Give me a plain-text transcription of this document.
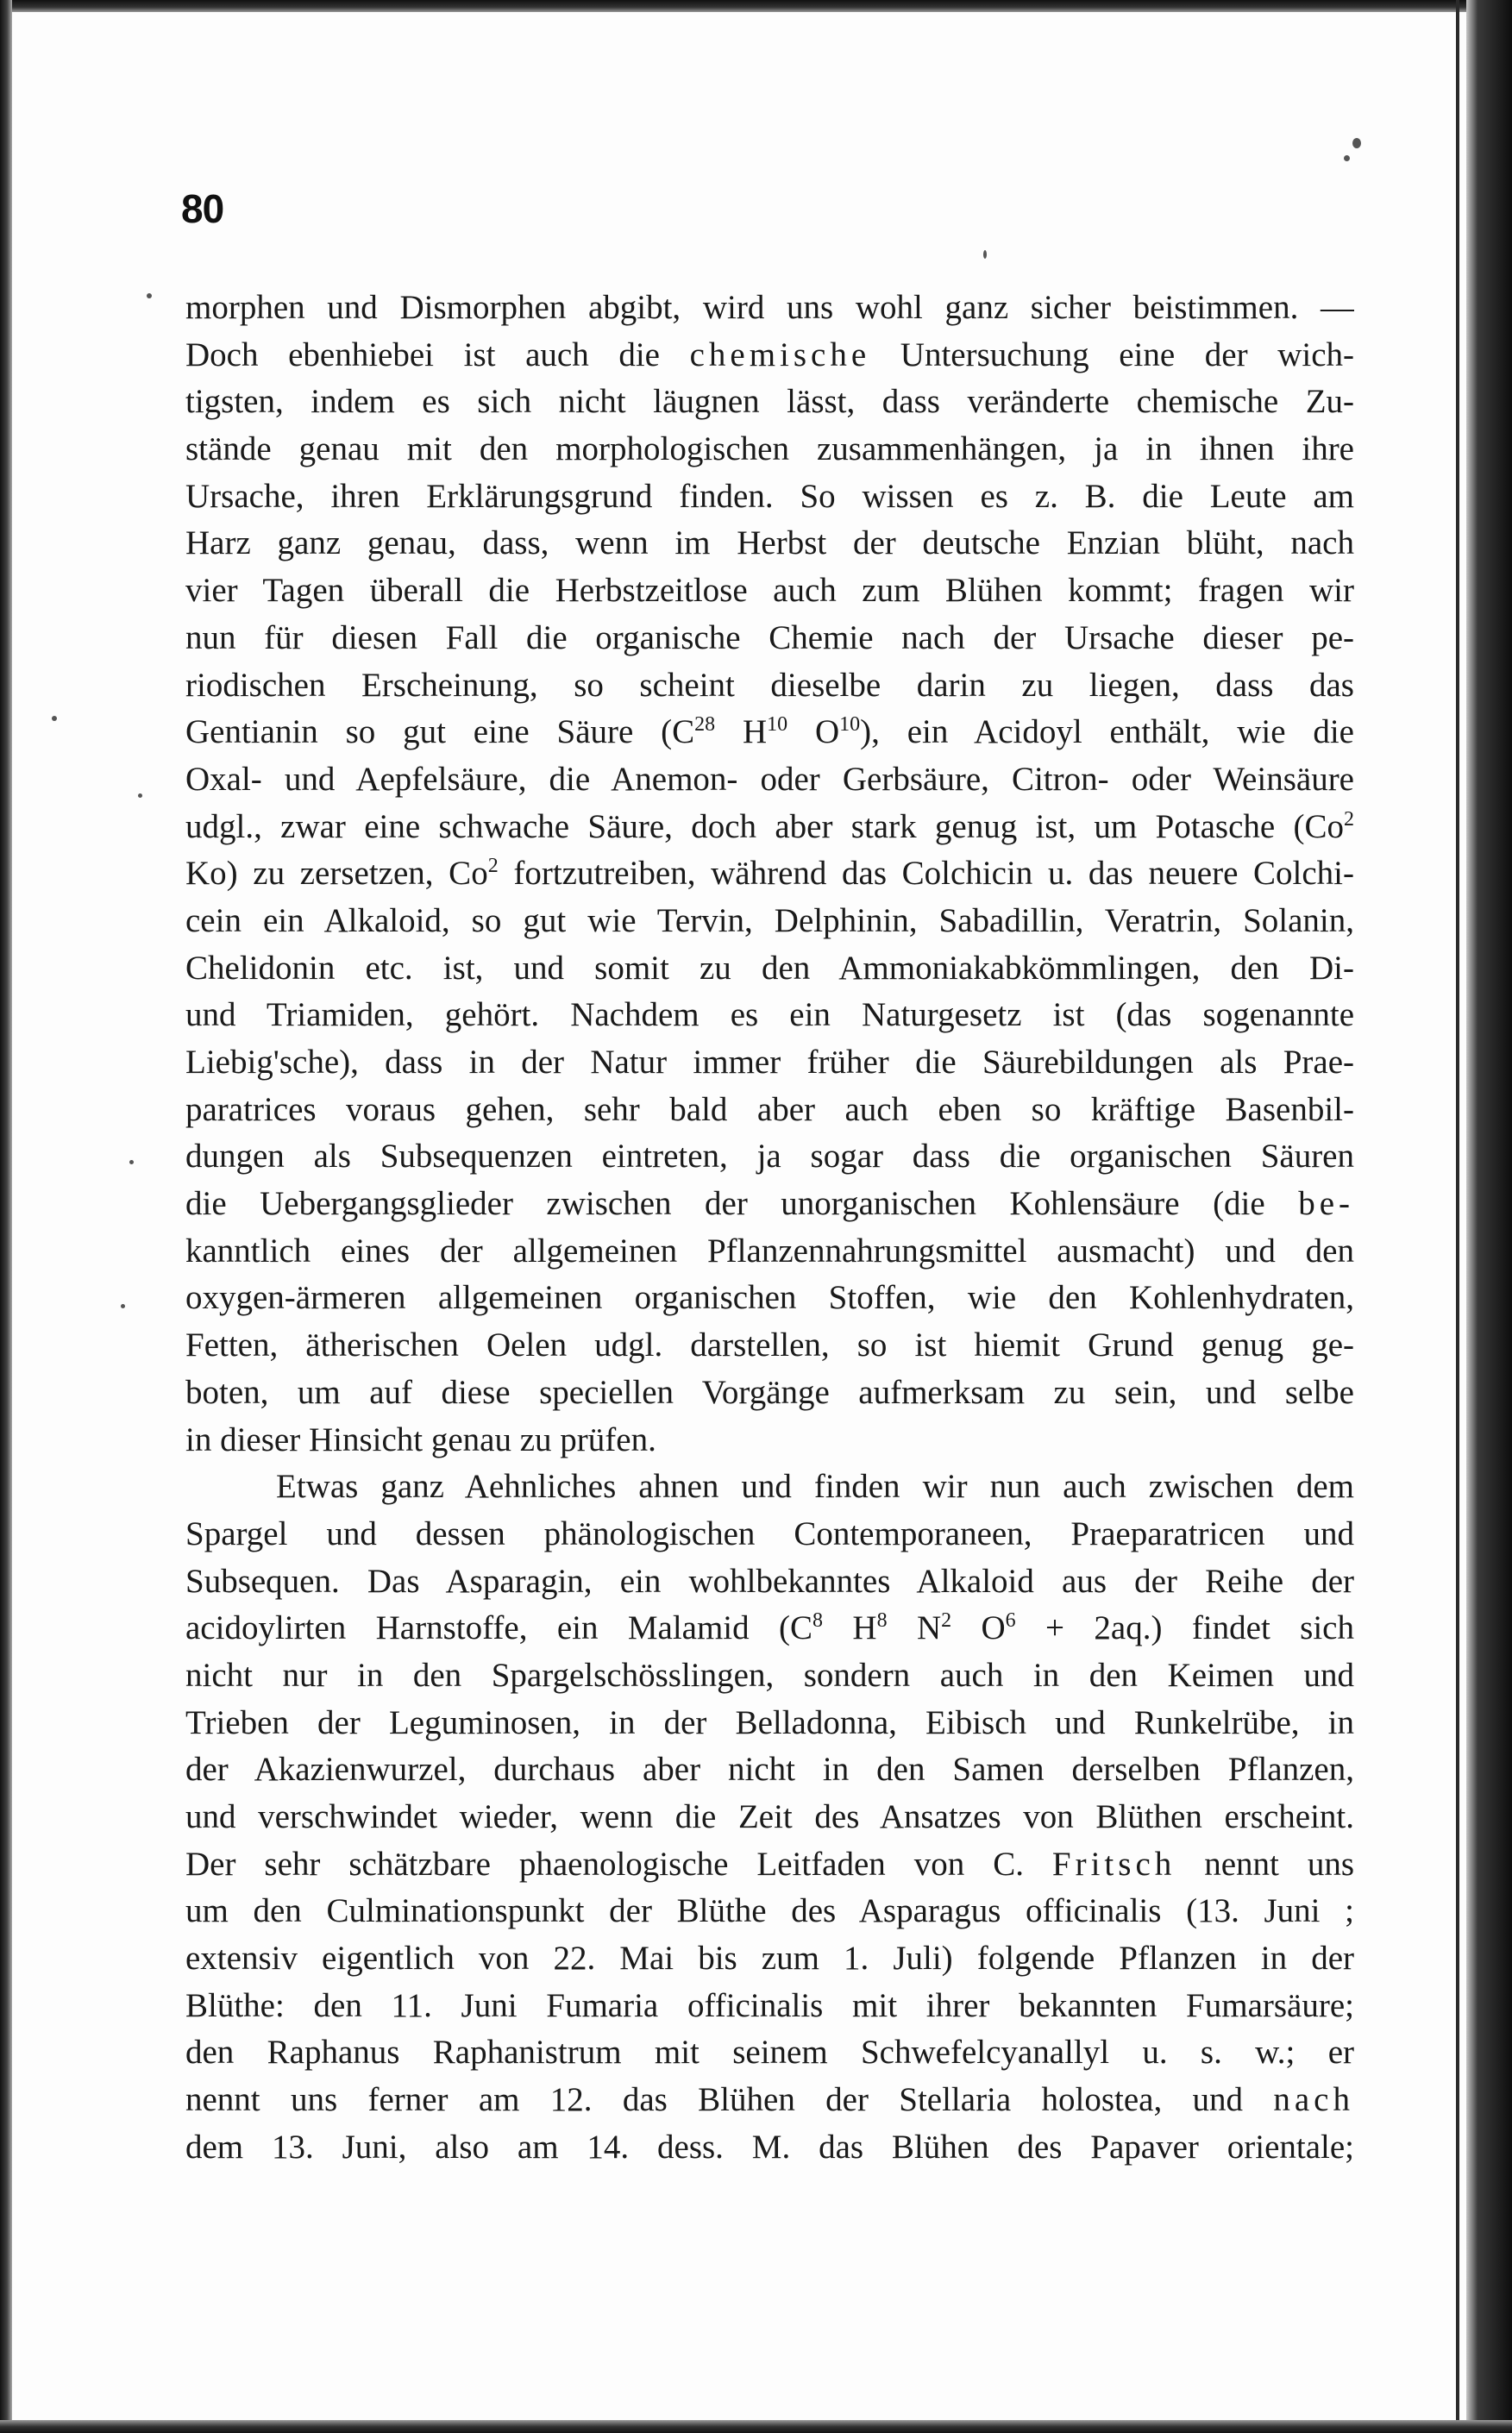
80
morphen und Dismorphen abgibt, wird uns wohl ganz sicher beistimmen. —
Doch ebenhiebei ist auch die chemische Untersuchung eine der wich-
tigsten, indem es sich nicht läugnen lässt, dass veränderte chemische Zu-
stände genau mit den morphologischen zusammenhängen, ja in ihnen ihre
Ursache, ihren Erklärungsgrund finden. So wissen es z. B. die Leute am
Harz ganz genau, dass, wenn im Herbst der deutsche Enzian blüht, nach
vier Tagen überall die Herbstzeitlose auch zum Blühen kommt; fragen wir
nun für diesen Fall die organische Chemie nach der Ursache dieser pe-
riodischen Erscheinung, so scheint dieselbe darin zu liegen, dass das
Gentianin so gut eine Säure ($C^{28}$ $H^{10}$ $O^{10}$), ein Acidoyl enthält, wie die
Oxal- und Aepfelsäure, die Anemon- oder Gerbsäure, Citron- oder Weinsäure
udgl., zwar eine schwache Säure, doch aber stark genug ist, um Potasche (Co$^2$
Ko) zu zersetzen, Co$^2$ fortzutreiben, während das Colchicin u. das neuere Colchi-
cein ein Alkaloid, so gut wie Tervin, Delphinin, Sabadillin, Veratrin, Solanin,
Chelidonin etc. ist, und somit zu den Ammoniakabkömmlingen, den Di-
und Triamiden, gehört. Nachdem es ein Naturgesetz ist (das sogenannte
Liebig'sche), dass in der Natur immer früher die Säurebildungen als Prae-
paratrices voraus gehen, sehr bald aber auch eben so kräftige Basenbil-
dungen als Subsequenzen eintreten, ja sogar dass die organischen Säuren
die Uebergangsglieder zwischen der unorganischen Kohlensäure (die be-
kanntlich eines der allgemeinen Pflanzennahrungsmittel ausmacht) und den
oxygen-ärmeren allgemeinen organischen Stoffen, wie den Kohlenhydraten,
Fetten, ätherischen Oelen udgl. darstellen, so ist hiemit Grund genug ge-
boten, um auf diese speciellen Vorgänge aufmerksam zu sein, und selbe
in dieser Hinsicht genau zu prüfen.
Etwas ganz Aehnliches ahnen und finden wir nun auch zwischen dem
Spargel und dessen phänologischen Contemporaneen, Praeparatricen und
Subsequen. Das Asparagin, ein wohlbekanntes Alkaloid aus der Reihe der
acidoylirten Harnstoffe, ein Malamid ($C^8$ $H^8$ $N^2$ $O^6 + 2aq$.) findet sich
nicht nur in den Spargelschösslingen, sondern auch in den Keimen und
Trieben der Leguminosen, in der Belladonna, Eibisch und Runkelrübe, in
der Akazienwurzel, durchaus aber nicht in den Samen derselben Pflanzen,
und verschwindet wieder, wenn die Zeit des Ansatzes von Blüthen erscheint.
Der sehr schätzbare phaenologische Leitfaden von C. Fritsch nennt uns
um den Culminationspunkt der Blüthe des Asparagus officinalis (13. Juni ;
extensiv eigentlich von 22. Mai bis zum 1. Juli) folgende Pflanzen in der
Blüthe: den 11. Juni Fumaria officinalis mit ihrer bekannten Fumarsäure;
den Raphanus Raphanistrum mit seinem Schwefelcyanallyl u. s. w.; er
nennt uns ferner am 12. das Blühen der Stellaria holostea, und nach
dem 13. Juni, also am 14. dess. M. das Blühen des Papaver orientale;
